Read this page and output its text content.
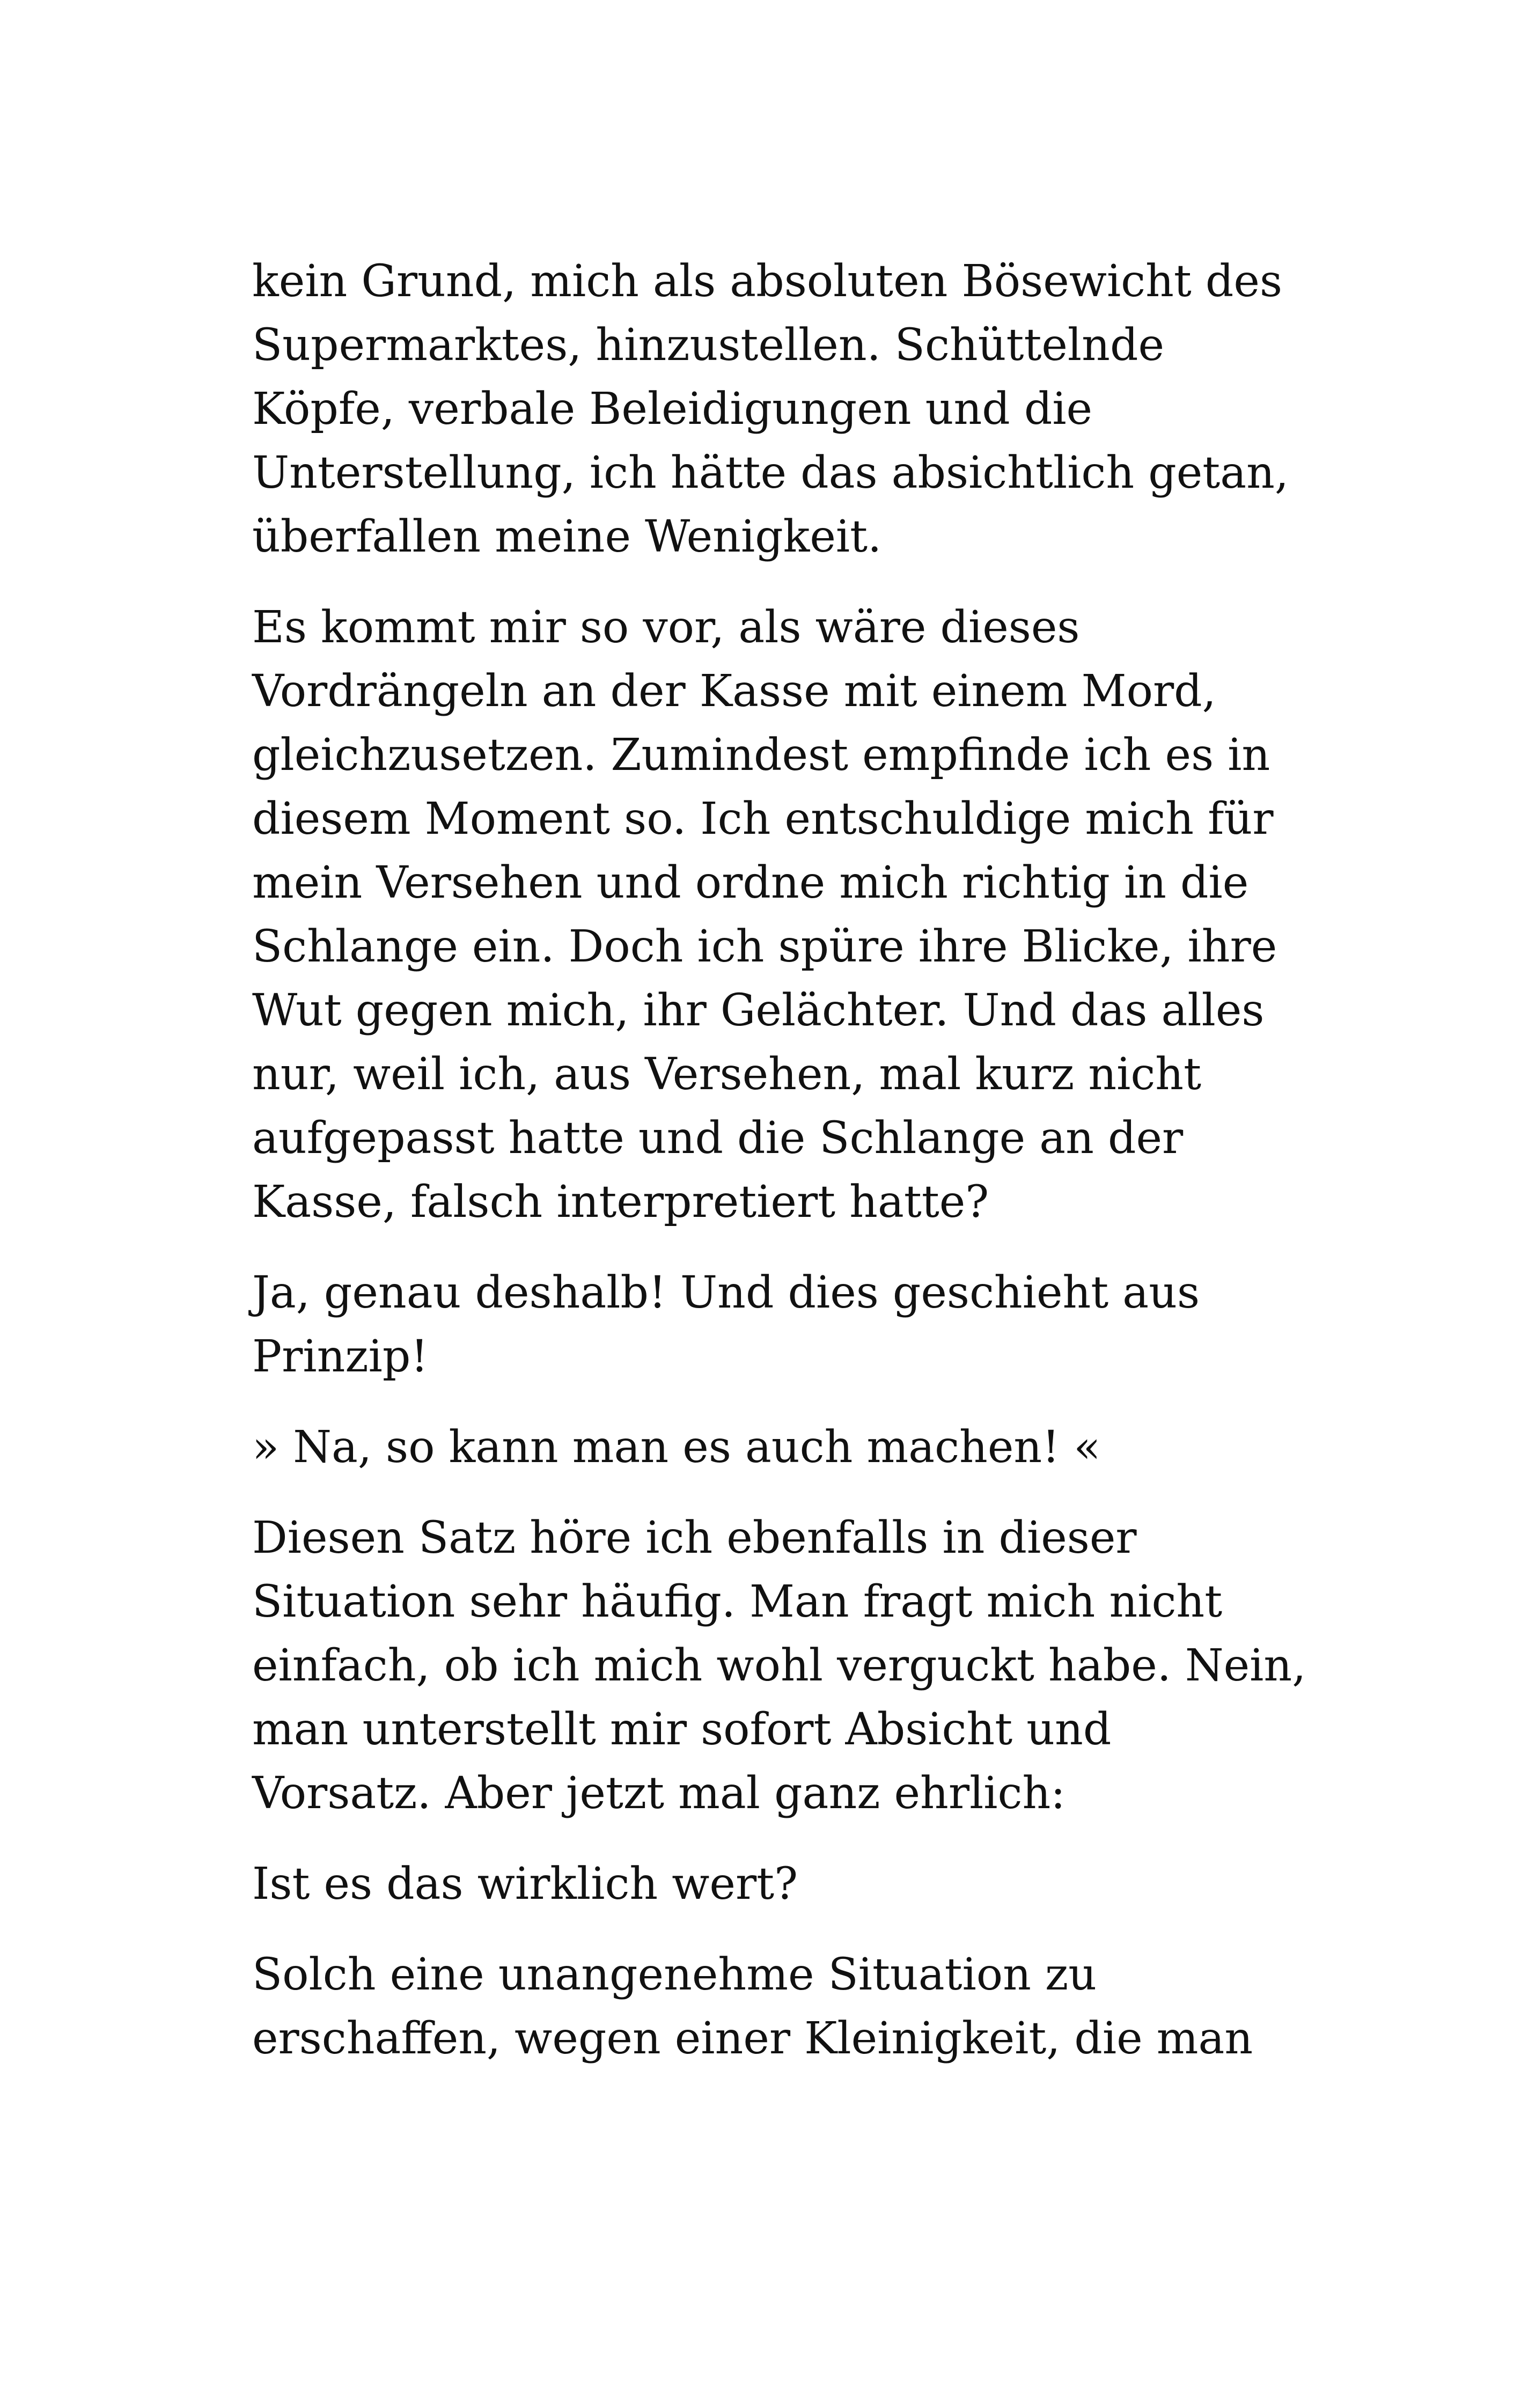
kein Grund, mich als absoluten Bösewicht des
Supermarktes, hinzustellen. Schüttelnde
Köpfe, verbale Beleidigungen und die
Unterstellung, ich hätte das absichtlich getan,
überfallen meine Wenigkeit.

Es kommt mir so vor, als wäre dieses
Vordrängeln an der Kasse mit einem Mord,
gleichzusetzen. Zumindest empfinde ich es in
diesem Moment so. Ich entschuldige mich für
mein Versehen und ordne mich richtig in die
Schlange ein. Doch ich spüre ihre Blicke, ihre
Wut gegen mich, ihr Gelächter. Und das alles
nur, weil ich, aus Versehen, mal kurz nicht
aufgepasst hatte und die Schlange an der
Kasse, falsch interpretiert hatte?

Ja, genau deshalb! Und dies geschieht aus
Prinzip!

» Na, so kann man es auch machen! «

Diesen Satz höre ich ebenfalls in dieser
Situation sehr häufig. Man fragt mich nicht
einfach, ob ich mich wohl verguckt habe. Nein,
man unterstellt mir sofort Absicht und
Vorsatz. Aber jetzt mal ganz ehrlich:

Ist es das wirklich wert?

Solch eine unangenehme Situation zu
erschaffen, wegen einer Kleinigkeit, die man
